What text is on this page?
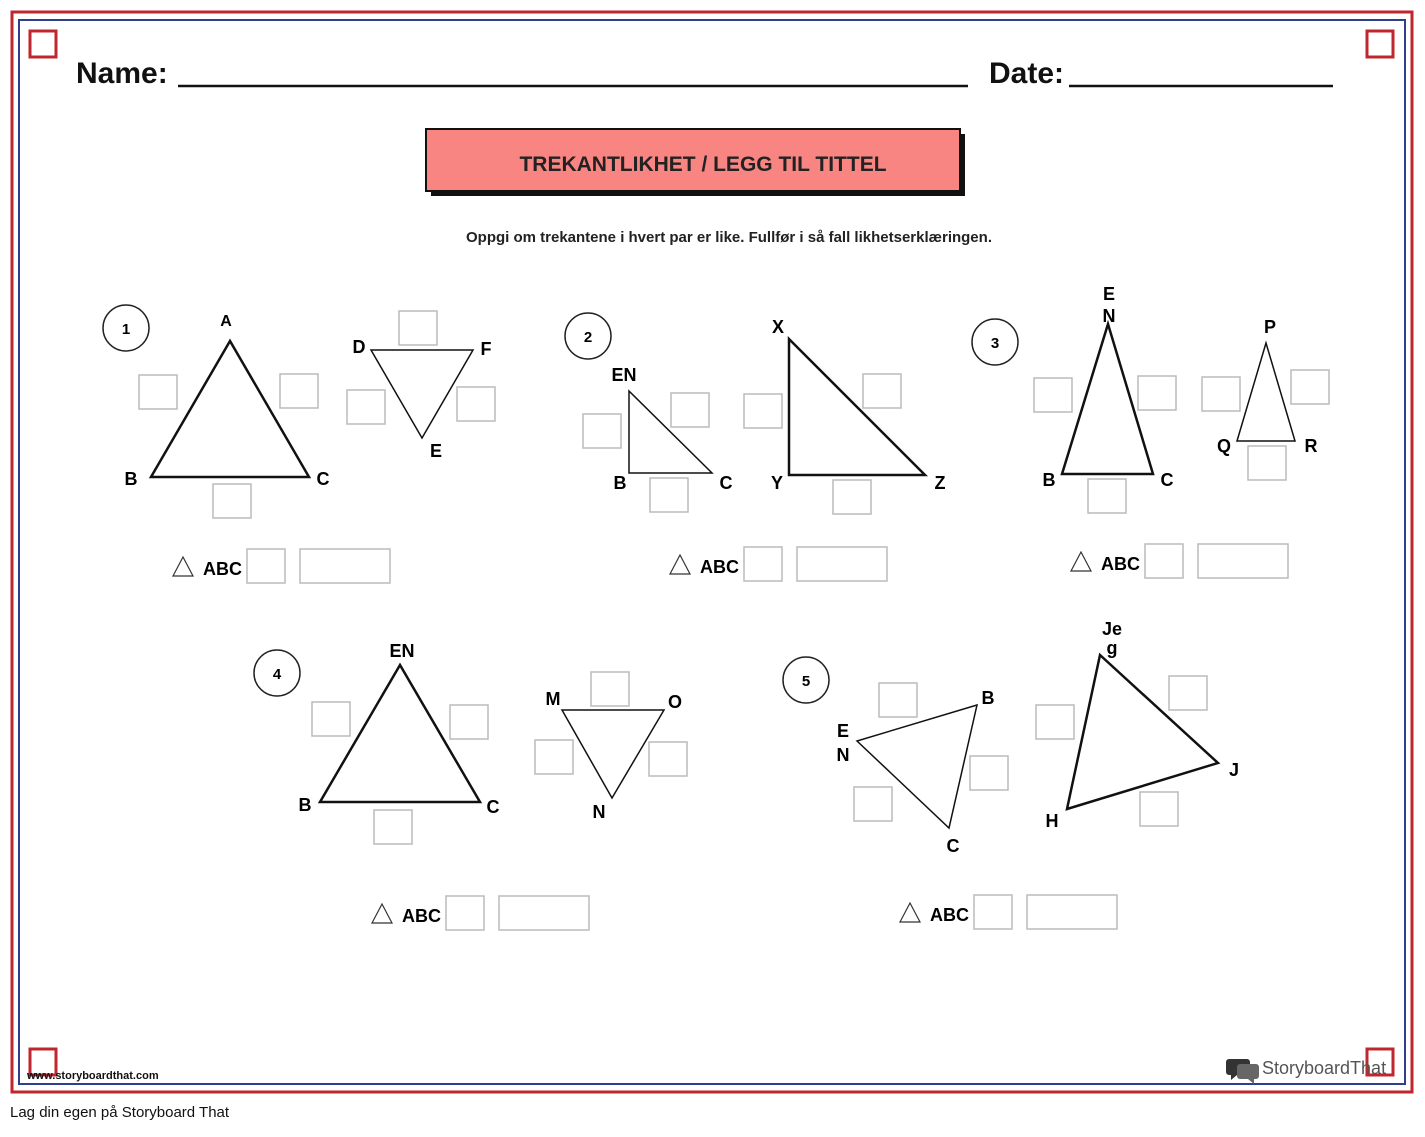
Name:	Date:
TREKANTLIKHET / LEGG TIL TITTEL
Oppgi om trekantene i hvert par er like. Fullfør i så fall likhetserklæringen.
1	A
B	C
D	F
E
ABC
2
EN
B	C
X
Y	Z
ABC
3
E
N
B	C
P
Q	R
ABC
4
EN
B	C
M	O
N
ABC
5
E
N
B
C
Je
g
J
H
ABC
www.storyboardthat.com	StoryboardThat
Lag din egen på Storyboard That
